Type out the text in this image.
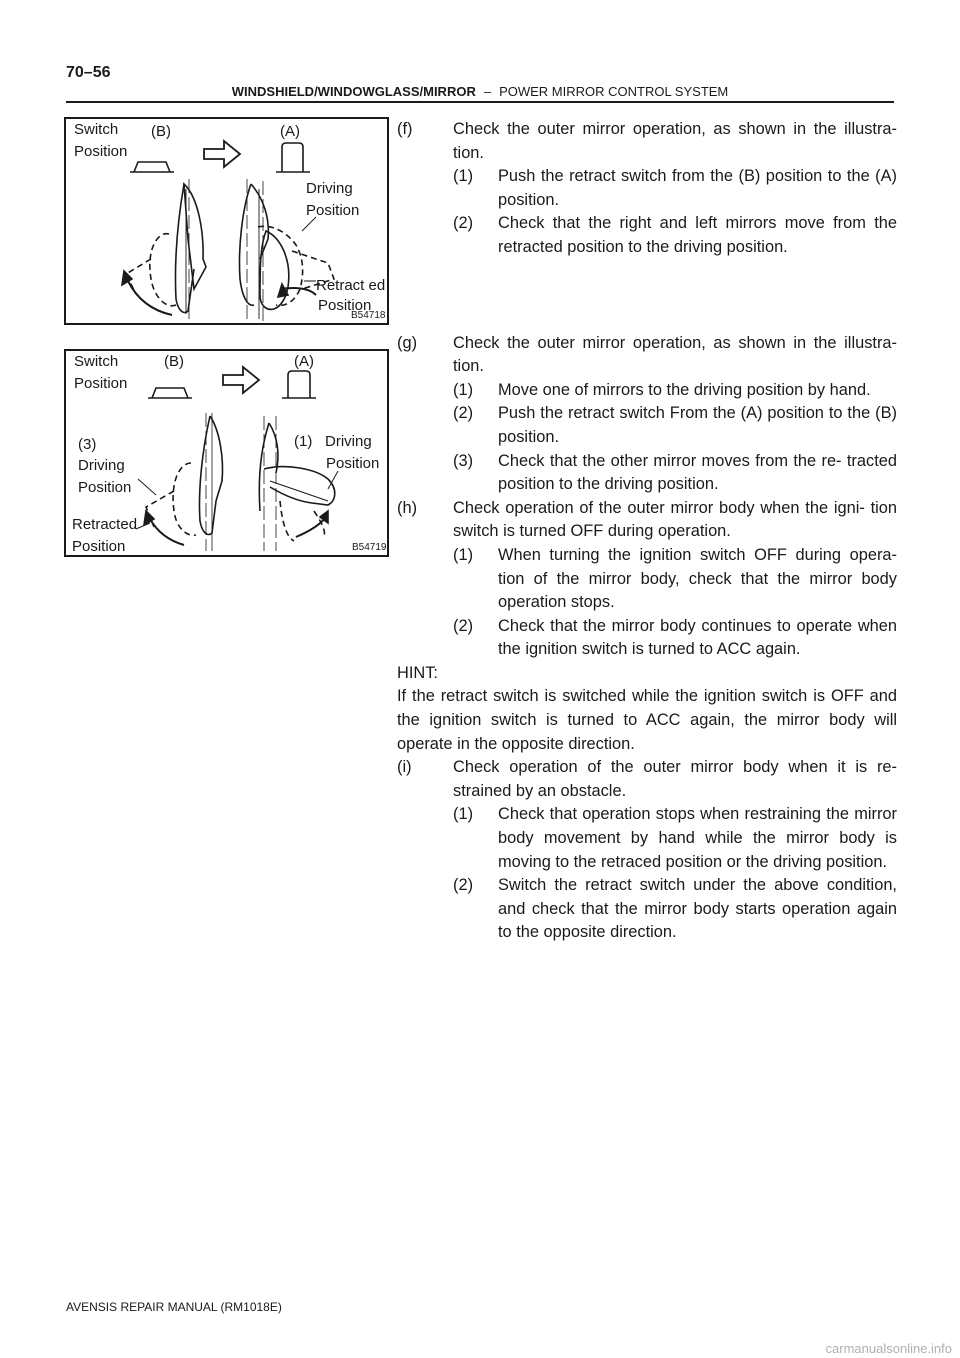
70–56
WINDSHIELD/WINDOWGLASS/MIRROR – POWER MIRROR CONTROL SYSTEM
Switch
Position
(B)	(A)
Driving
Position
Retract ed
Position
B54718
Switch
Position
(B)	(A)
(3)
Driving
Position
(1) Driving
Position
Retracted
Position	B54719
(f) Check the outer mirror operation, as shown in the illustra- tion.
(1) Push the retract switch from the (B) position to the (A) position.
(2) Check that the right and left mirrors move from the retracted position to the driving position.
(g) Check the outer mirror operation, as shown in the illustra- tion.
(1) Move one of mirrors to the driving position by hand.
(2) Push the retract switch From the (A) position to the (B) position.
(3) Check that the other mirror moves from the re- tracted position to the driving position.
(h) Check operation of the outer mirror body when the igni- tion switch is turned OFF during operation.
(1) When turning the ignition switch OFF during opera- tion of the mirror body, check that the mirror body operation stops.
(2) Check that the mirror body continues to operate when the ignition switch is turned to ACC again.
HINT:
If the retract switch is switched while the ignition switch is OFF and the ignition switch is turned to ACC again, the mirror body will operate in the opposite direction.
(i)	Check operation of the outer mirror body when it is re- strained by an obstacle.
(1) Check that operation stops when restraining the mirror body movement by hand while the mirror body is moving to the retraced position or the driving position.
(2) Switch the retract switch under the above condition, and check that the mirror body starts operation again to the opposite direction.
AVENSIS REPAIR MANUAL (RM1018E)
carmanualsonline.info
